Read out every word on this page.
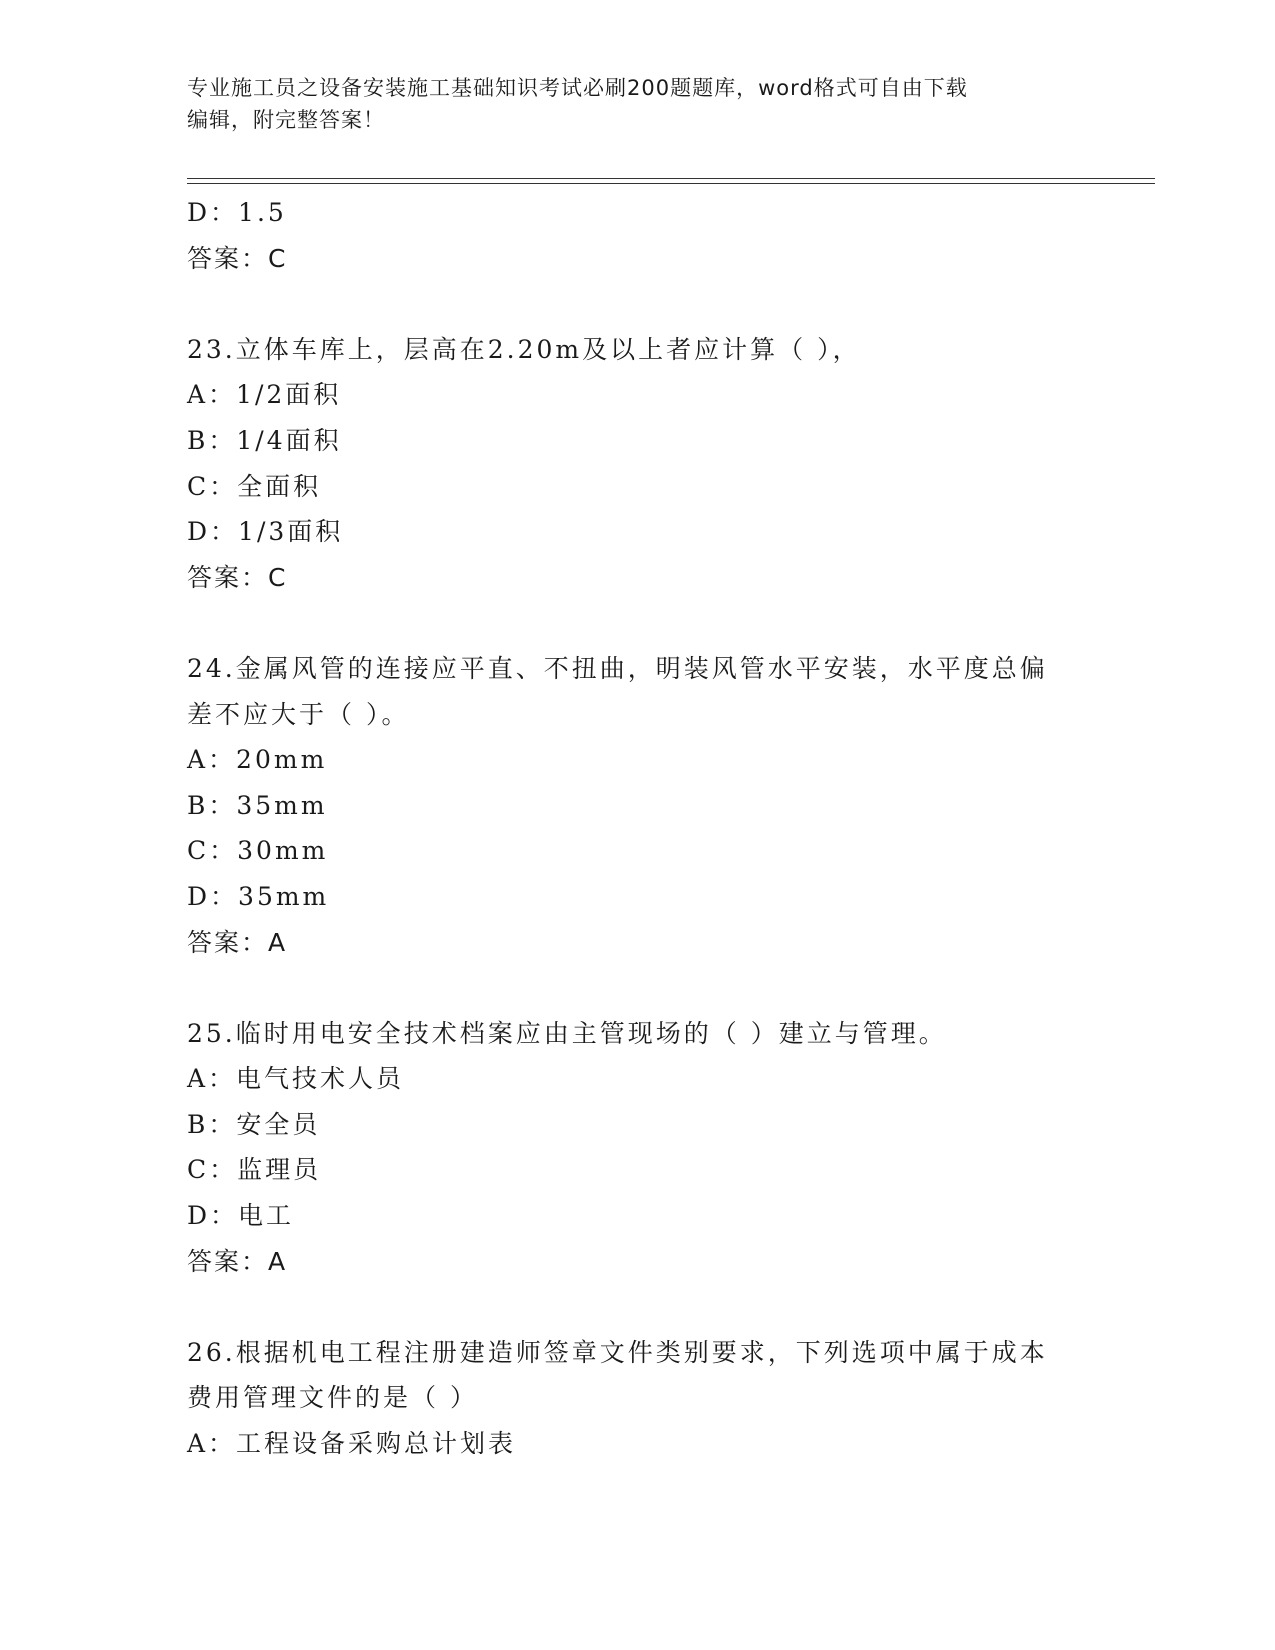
专业施工员之设备安装施工基础知识考试必刷200题题库，word格式可自由下载
编辑，附完整答案！
D：1.5
答案：C
23.立体车库上，层高在2.20m及以上者应计算（ ），
A：1/2面积
B：1/4面积
C：全面积
D：1/3面积
答案：C
24.金属风管的连接应平直、不扭曲，明装风管水平安装，水平度总偏
差不应大于（ ）。
A：20mm
B：35mm
C：30mm
D：35mm
答案：A
25.临时用电安全技术档案应由主管现场的（ ）建立与管理。
A：电气技术人员
B：安全员
C：监理员
D：电工
答案：A
26.根据机电工程注册建造师签章文件类别要求，下列选项中属于成本
费用管理文件的是（ ）
A：工程设备采购总计划表
